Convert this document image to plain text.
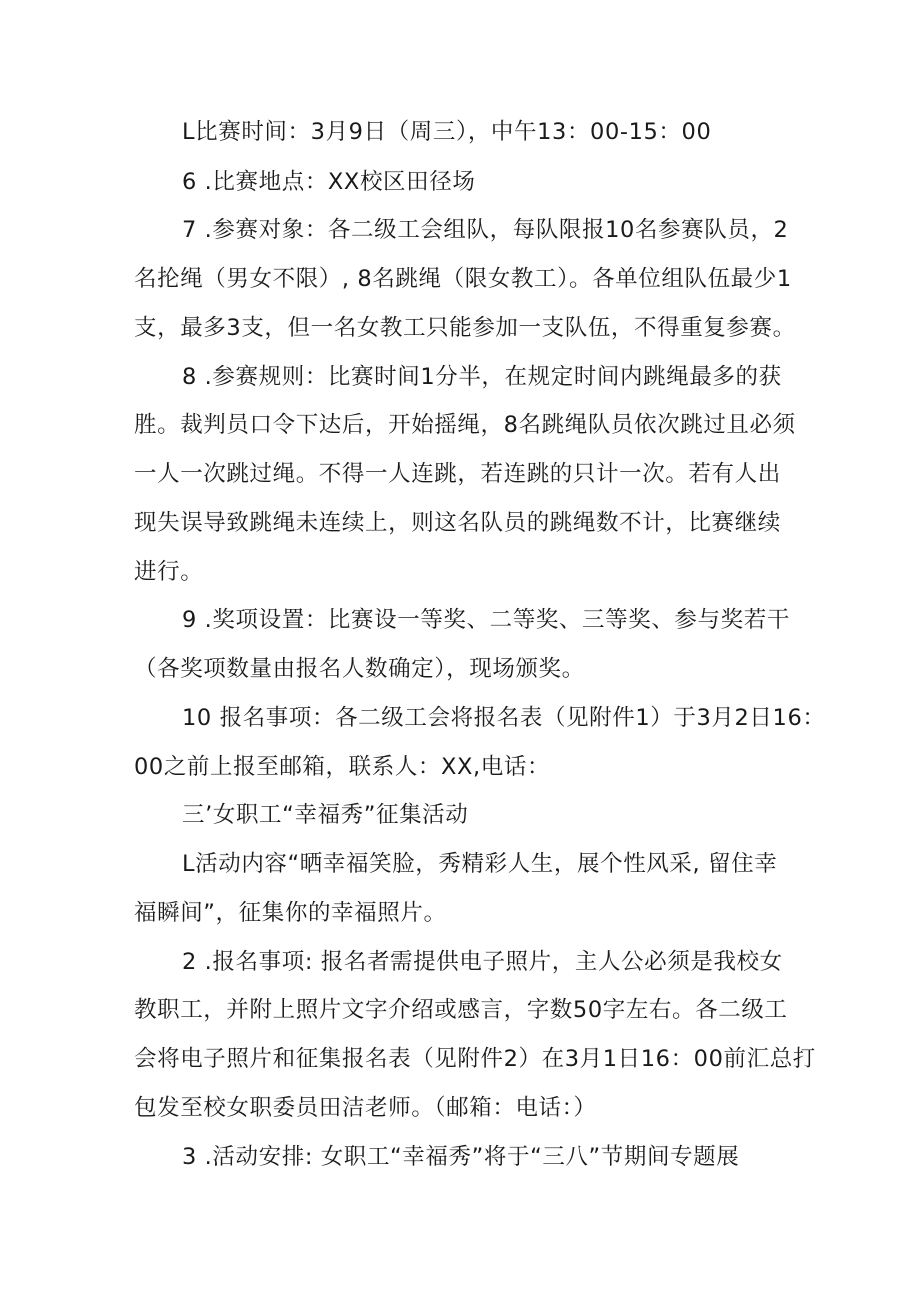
L比赛时间：3月9日（周三），中午13：00-15：00

6 .比赛地点：XX校区田径场

7 .参赛对象：各二级工会组队，每队限报10名参赛队员，2

名抡绳（男女不限）, 8名跳绳（限女教工）。各单位组队伍最少1

支，最多3支，但一名女教工只能参加一支队伍，不得重复参赛。

8 .参赛规则：比赛时间1分半，在规定时间内跳绳最多的获

胜。裁判员口令下达后，开始摇绳，8名跳绳队员依次跳过且必须

一人一次跳过绳。不得一人连跳，若连跳的只计一次。若有人出

现失误导致跳绳未连续上，则这名队员的跳绳数不计，比赛继续

进行。

9 .奖项设置：比赛设一等奖、二等奖、三等奖、参与奖若干

（各奖项数量由报名人数确定），现场颁奖。

10 报名事项：各二级工会将报名表（见附件1）于3月2日16：

00之前上报至邮箱，联系人：XX,电话：

三’女职工“幸福秀”征集活动

L活动内容“晒幸福笑脸，秀精彩人生，展个性风采, 留住幸

福瞬间”，征集你的幸福照片。

2 .报名事项: 报名者需提供电子照片，主人公必须是我校女

教职工，并附上照片文字介绍或感言，字数50字左右。各二级工

会将电子照片和征集报名表（见附件2）在3月1日16：00前汇总打

包发至校女职委员田洁老师。（邮箱：电话：）

3 .活动安排: 女职工“幸福秀”将于“三八”节期间专题展
